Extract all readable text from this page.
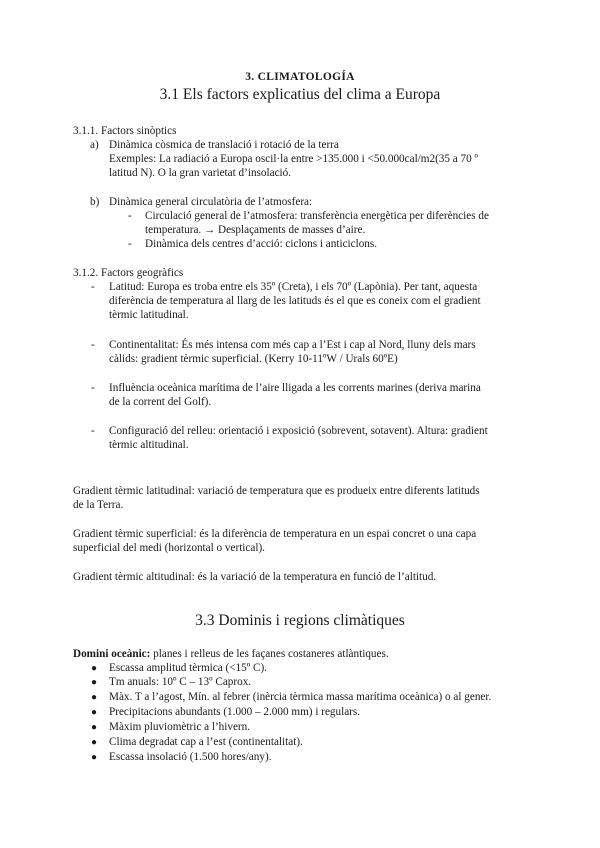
3. CLIMATOLOGÍA
3.1 Els factors explicatius del clima a Europa
3.1.1. Factors sinòptics
a) Dinàmica còsmica de translació i rotació de la terra
Exemples: La radiació a Europa oscil·la entre >135.000 i <50.000cal/m2(35 a 70 º
latitud N). O la gran varietat d’insolació.
b) Dinàmica general circulatòria de l’atmosfera:
- Circulació general de l’atmosfera: transferència energètica per diferències de
temperatura. → Desplaçaments de masses d’aire.
- Dinàmica dels centres d’acció: ciclons i anticiclons.
3.1.2. Factors geogràfics
- Latitud: Europa es troba entre els 35º (Creta), i els 70º (Lapònia). Per tant, aquesta
diferència de temperatura al llarg de les latituds és el que es coneix com el gradient
tèrmic latitudinal.
- Continentalitat: És més intensa com més cap a l’Est i cap al Nord, lluny dels mars
càlids: gradient tèrmic superficial. (Kerry 10-11ºW / Urals 60ºE)
- Influència oceànica marítima de l’aire lligada a les corrents marines (deriva marina
de la corrent del Golf).
- Configuració del relleu: orientació i exposició (sobrevent, sotavent). Altura: gradient
tèrmic altitudinal.
Gradient tèrmic latitudinal: variació de temperatura que es produeix entre diferents latituds
de la Terra.
Gradient tèrmic superficial: és la diferència de temperatura en un espai concret o una capa
superficial del medi (horizontal o vertical).
Gradient tèrmic altitudinal: és la variació de la temperatura en funció de l’altitud.
3.3 Dominis i regions climàtiques
Domini oceànic: planes i relleus de les façanes costaneres atlàntiques.
● Escassa amplitud tèrmica (<15º C).
● Tm anuals: 10º C – 13º Caprox.
● Màx. T a l’agost, Mín. al febrer (inèrcia tèrmica massa marítima oceànica) o al gener.
● Precipitacions abundants (1.000 – 2.000 mm) i regulars.
● Màxim pluviomètric a l’hivern.
● Clima degradat cap a l’est (continentalitat).
● Escassa insolació (1.500 hores/any).
